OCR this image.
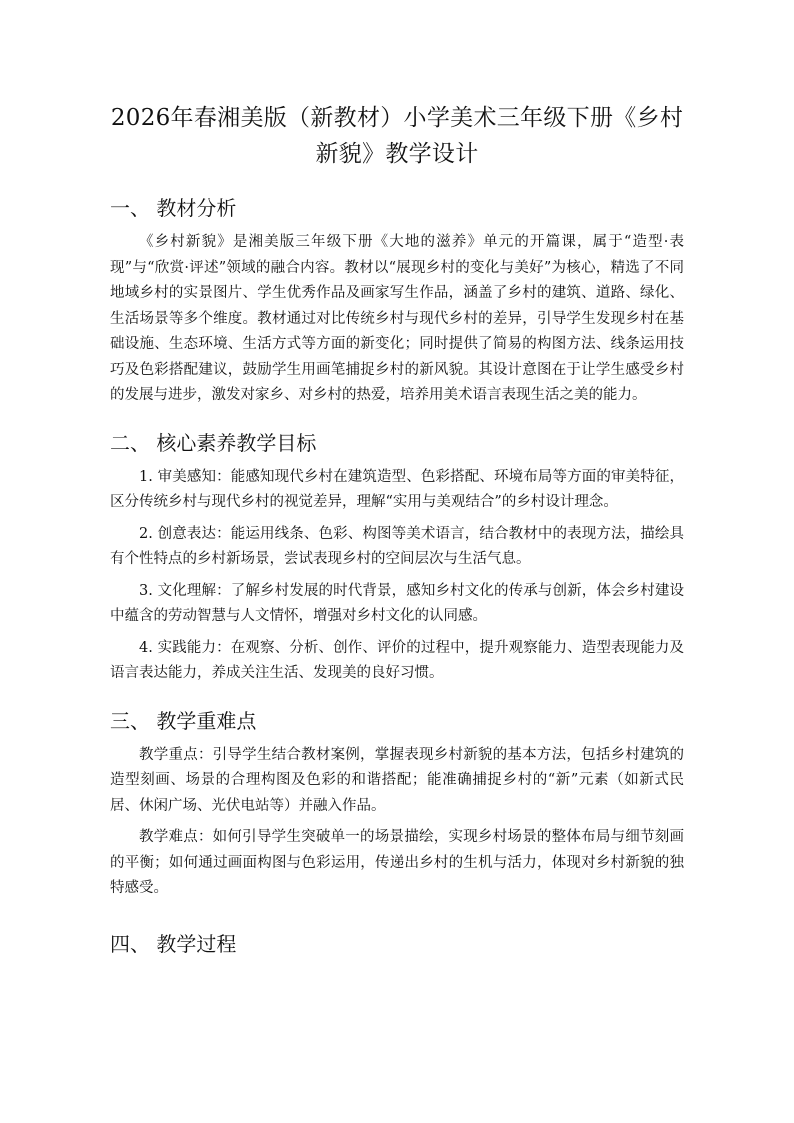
2026年春湘美版（新教材）小学美术三年级下册《乡村新貌》教学设计
一、 教材分析

《乡村新貌》是湘美版三年级下册《大地的滋养》单元的开篇课，属于“造型·表现”与“欣赏·评述”领域的融合内容。教材以“展现乡村的变化与美好”为核心，精选了不同地域乡村的实景图片、学生优秀作品及画家写生作品，涵盖了乡村的建筑、道路、绿化、生活场景等多个维度。教材通过对比传统乡村与现代乡村的差异，引导学生发现乡村在基础设施、生态环境、生活方式等方面的新变化；同时提供了简易的构图方法、线条运用技巧及色彩搭配建议，鼓励学生用画笔捕捉乡村的新风貌。其设计意图在于让学生感受乡村的发展与进步，激发对家乡、对乡村的热爱，培养用美术语言表现生活之美的能力。

二、 核心素养教学目标

1. 审美感知：能感知现代乡村在建筑造型、色彩搭配、环境布局等方面的审美特征，区分传统乡村与现代乡村的视觉差异，理解“实用与美观结合”的乡村设计理念。

2. 创意表达：能运用线条、色彩、构图等美术语言，结合教材中的表现方法，描绘具有个性特点的乡村新场景，尝试表现乡村的空间层次与生活气息。

3. 文化理解：了解乡村发展的时代背景，感知乡村文化的传承与创新，体会乡村建设中蕴含的劳动智慧与人文情怀，增强对乡村文化的认同感。

4. 实践能力：在观察、分析、创作、评价的过程中，提升观察能力、造型表现能力及语言表达能力，养成关注生活、发现美的良好习惯。

三、 教学重难点

教学重点：引导学生结合教材案例，掌握表现乡村新貌的基本方法，包括乡村建筑的造型刻画、场景的合理构图及色彩的和谐搭配；能准确捕捉乡村的“新”元素（如新式民居、休闲广场、光伏电站等）并融入作品。

教学难点：如何引导学生突破单一的场景描绘，实现乡村场景的整体布局与细节刻画的平衡；如何通过画面构图与色彩运用，传递出乡村的生机与活力，体现对乡村新貌的独特感受。

四、 教学过程
